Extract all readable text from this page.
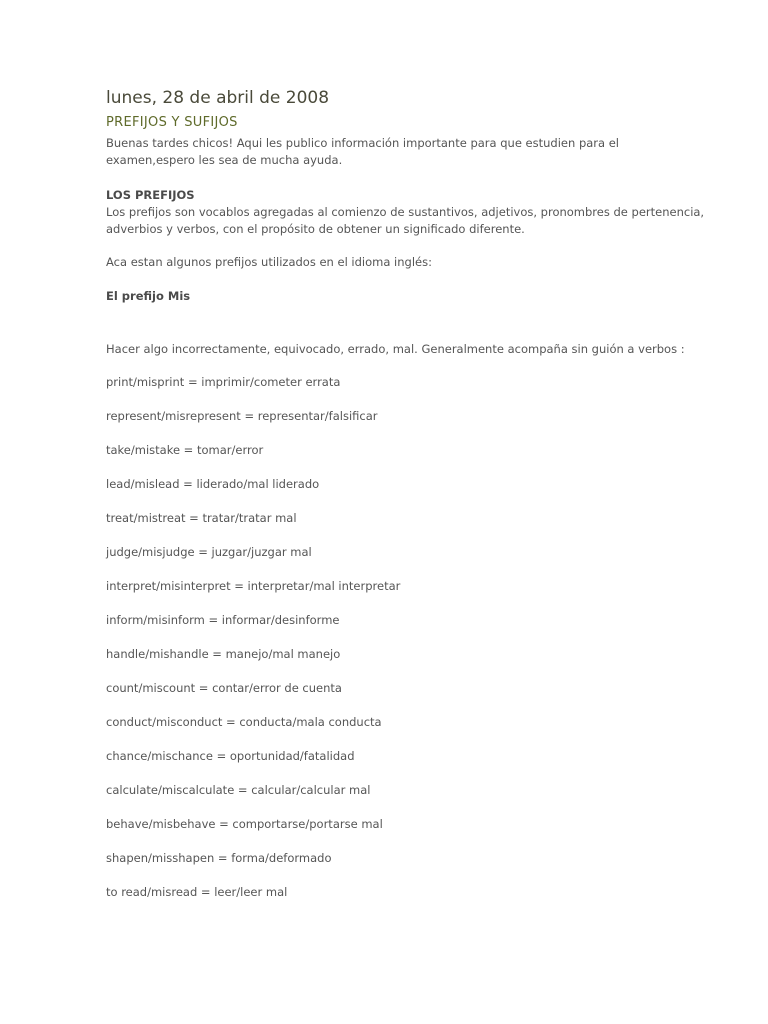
lunes, 28 de abril de 2008
PREFIJOS Y SUFIJOS

Buenas tardes chicos! Aqui les publico información importante para que estudien para el examen,espero les sea de mucha ayuda.

LOS PREFIJOS

Los prefijos son vocablos agregadas al comienzo de sustantivos, adjetivos, pronombres de pertenencia, adverbios y verbos, con el propósito de obtener un significado diferente.

Aca estan algunos prefijos utilizados en el idioma inglés:

El prefijo Mis

Hacer algo incorrectamente, equivocado, errado, mal. Generalmente acompaña sin guión a verbos :

print/misprint = imprimir/cometer errata
represent/misrepresent = representar/falsificar
take/mistake = tomar/error
lead/mislead = liderado/mal liderado
treat/mistreat = tratar/tratar mal
judge/misjudge = juzgar/juzgar mal
interpret/misinterpret = interpretar/mal interpretar
inform/misinform = informar/desinforme
handle/mishandle = manejo/mal manejo
count/miscount = contar/error de cuenta
conduct/misconduct = conducta/mala conducta
chance/mischance = oportunidad/fatalidad
calculate/miscalculate = calcular/calcular mal
behave/misbehave = comportarse/portarse mal
shapen/misshapen = forma/deformado
to read/misread = leer/leer mal
